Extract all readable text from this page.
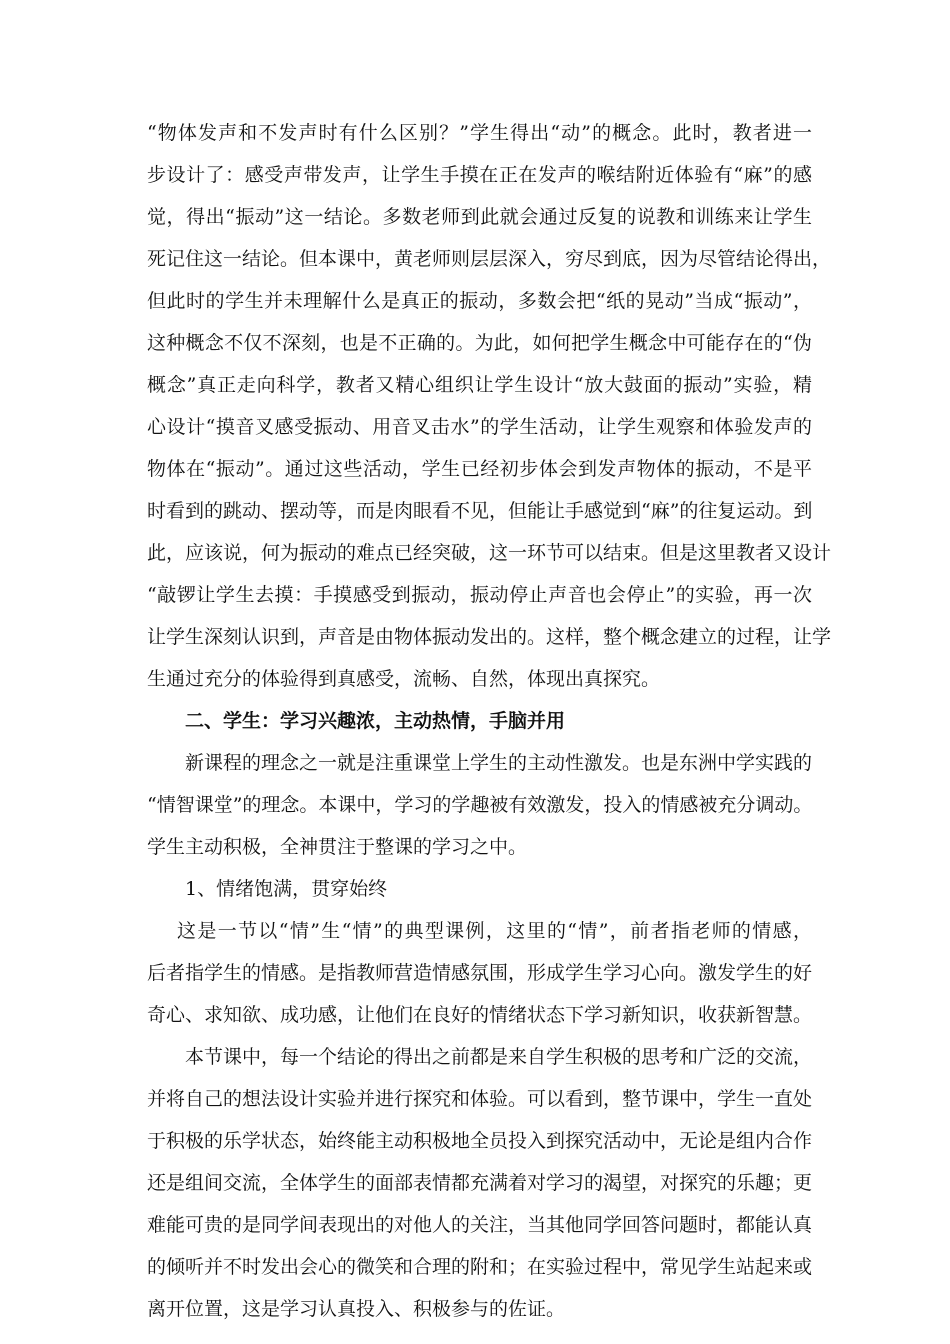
“物体发声和不发声时有什么区别？”学生得出“动”的概念。此时，教者进一

步设计了：感受声带发声，让学生手摸在正在发声的喉结附近体验有“麻”的感

觉，得出“振动”这一结论。多数老师到此就会通过反复的说教和训练来让学生

死记住这一结论。但本课中，黄老师则层层深入，穷尽到底，因为尽管结论得出，

但此时的学生并未理解什么是真正的振动，多数会把“纸的晃动”当成“振动”，

这种概念不仅不深刻，也是不正确的。为此，如何把学生概念中可能存在的“伪

概念”真正走向科学，教者又精心组织让学生设计“放大鼓面的振动”实验，精

心设计“摸音叉感受振动、用音叉击水”的学生活动，让学生观察和体验发声的

物体在“振动”。通过这些活动，学生已经初步体会到发声物体的振动，不是平

时看到的跳动、摆动等，而是肉眼看不见，但能让手感觉到“麻”的往复运动。到

此，应该说，何为振动的难点已经突破，这一环节可以结束。但是这里教者又设计

“敲锣让学生去摸：手摸感受到振动，振动停止声音也会停止”的实验，再一次

让学生深刻认识到，声音是由物体振动发出的。这样，整个概念建立的过程，让学

生通过充分的体验得到真感受，流畅、自然，体现出真探究。

二、学生：学习兴趣浓，主动热情，手脑并用

新课程的理念之一就是注重课堂上学生的主动性激发。也是东洲中学实践的

“情智课堂”的理念。本课中，学习的学趣被有效激发，投入的情感被充分调动。

学生主动积极，全神贯注于整课的学习之中。

1、情绪饱满，贯穿始终

这是一节以“情”生“情”的典型课例，这里的“情”，前者指老师的情感，

后者指学生的情感。是指教师营造情感氛围，形成学生学习心向。激发学生的好

奇心、求知欲、成功感，让他们在良好的情绪状态下学习新知识，收获新智慧。

本节课中，每一个结论的得出之前都是来自学生积极的思考和广泛的交流，

并将自己的想法设计实验并进行探究和体验。可以看到，整节课中，学生一直处

于积极的乐学状态，始终能主动积极地全员投入到探究活动中，无论是组内合作

还是组间交流，全体学生的面部表情都充满着对学习的渴望，对探究的乐趣；更

难能可贵的是同学间表现出的对他人的关注，当其他同学回答问题时，都能认真

的倾听并不时发出会心的微笑和合理的附和；在实验过程中，常见学生站起来或

离开位置，这是学习认真投入、积极参与的佐证。
